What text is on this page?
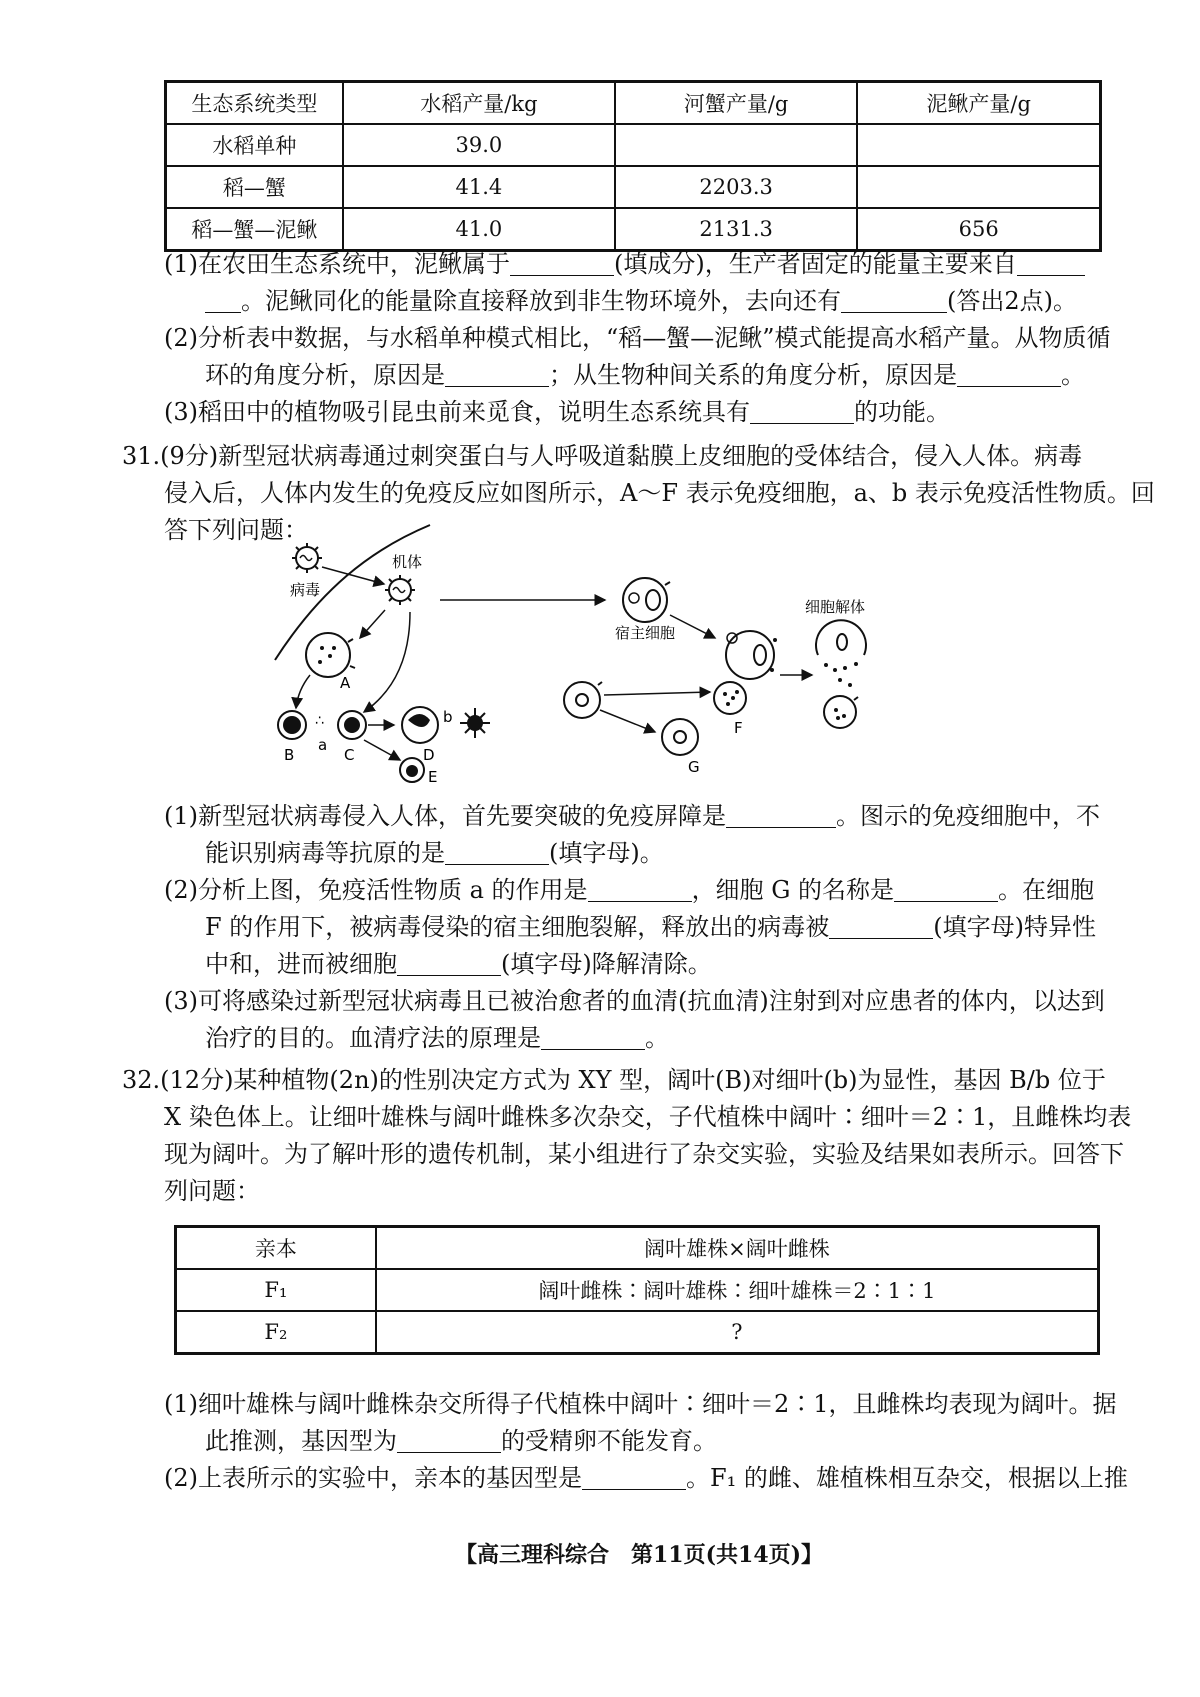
生态系统类型	水稻产量/kg	河蟹产量/g	泥鳅产量/g
水稻单种	39.0		
稻—蟹	41.4	2203.3	
稻—蟹—泥鳅	41.0	2131.3	656
(1)在农田生态系统中，泥鳅属于	(填成分)，生产者固定的能量主要来自
。泥鳅同化的能量除直接释放到非生物环境外，去向还有	(答出2点)。
(2)分析表中数据，与水稻单种模式相比，“稻—蟹—泥鳅”模式能提高水稻产量。从物质循
环的角度分析，原因是	；从生物种间关系的角度分析，原因是	。
(3)稻田中的植物吸引昆虫前来觅食，说明生态系统具有	的功能。
31.(9分)新型冠状病毒通过刺突蛋白与人呼吸道黏膜上皮细胞的受体结合，侵入人体。病毒
侵入后，人体内发生的免疫反应如图所示，A～F 表示免疫细胞，a、b 表示免疫活性物质。回
答下列问题：
病毒
机体
A
B
∴
a
C	D
b
E
宿主细胞
F
G
细胞解体
(1)新型冠状病毒侵入人体，首先要突破的免疫屏障是	。图示的免疫细胞中，不
能识别病毒等抗原的是	(填字母)。
(2)分析上图，免疫活性物质 a 的作用是	，细胞 G 的名称是	。在细胞
F 的作用下，被病毒侵染的宿主细胞裂解，释放出的病毒被	(填字母)特异性
中和，进而被细胞	(填字母)降解清除。
(3)可将感染过新型冠状病毒且已被治愈者的血清(抗血清)注射到对应患者的体内，以达到
治疗的目的。血清疗法的原理是	。
32.(12分)某种植物(2n)的性别决定方式为 XY 型，阔叶(B)对细叶(b)为显性，基因 B/b 位于
X 染色体上。让细叶雄株与阔叶雌株多次杂交，子代植株中阔叶∶细叶＝2∶1，且雌株均表
现为阔叶。为了解叶形的遗传机制，某小组进行了杂交实验，实验及结果如表所示。回答下
列问题：
亲本	阔叶雄株×阔叶雌株
F₁	阔叶雌株∶阔叶雄株∶细叶雄株＝2∶1∶1
F₂	?
(1)细叶雄株与阔叶雌株杂交所得子代植株中阔叶∶细叶＝2∶1，且雌株均表现为阔叶。据
此推测，基因型为	的受精卵不能发育。
(2)上表所示的实验中，亲本的基因型是	。F₁ 的雌、雄植株相互杂交，根据以上推
【高三理科综合　第11页(共14页)】
